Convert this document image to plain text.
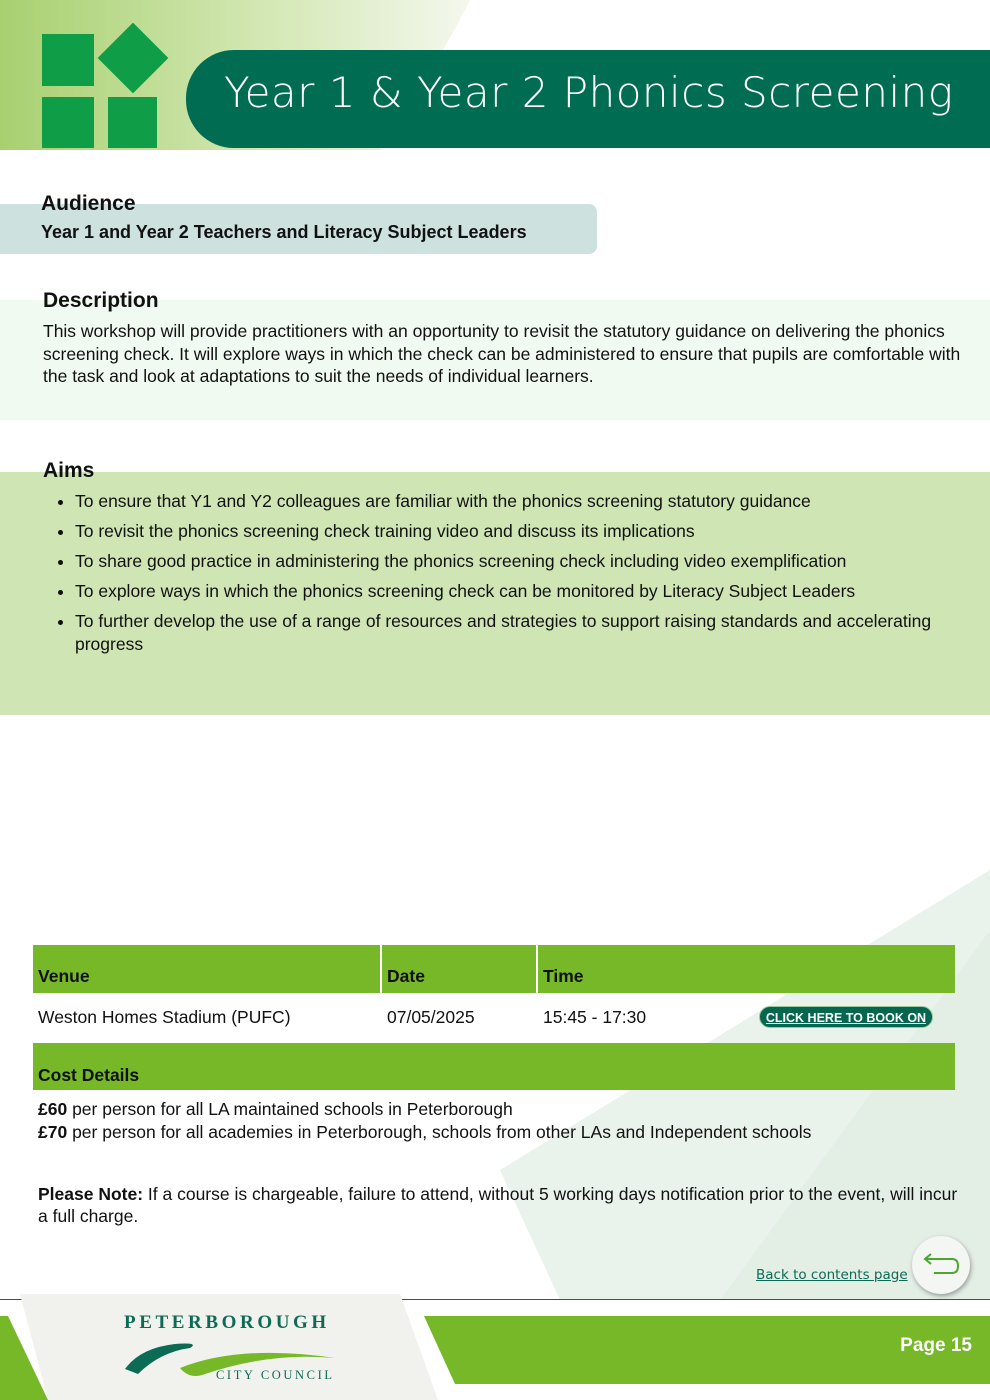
Year 1 & Year 2 Phonics Screening
Audience
Year 1 and Year 2 Teachers and Literacy Subject Leaders
Description
This workshop will provide practitioners with an opportunity to revisit the statutory guidance on delivering the phonics screening check. It will explore ways in which the check can be administered to ensure that pupils are comfortable with the task and look at adaptations to suit the needs of individual learners.
Aims
• To ensure that Y1 and Y2 colleagues are familiar with the phonics screening statutory guidance
• To revisit the phonics screening check training video and discuss its implications
• To share good practice in administering the phonics screening check including video exemplification
• To explore ways in which the phonics screening check can be monitored by Literacy Subject Leaders
• To further develop the use of a range of resources and strategies to support raising standards and accelerating progress
Venue	Date	Time
Weston Homes Stadium (PUFC)	07/05/2025	15:45 - 17:30	CLICK HERE TO BOOK ON
Cost Details
£60 per person for all LA maintained schools in Peterborough
£70 per person for all academies in Peterborough, schools from other LAs and Independent schools
Please Note: If a course is chargeable, failure to attend, without 5 working days notification prior to the event, will incur a full charge.
Back to contents page
Page 15
PETERBOROUGH
CITY COUNCIL
